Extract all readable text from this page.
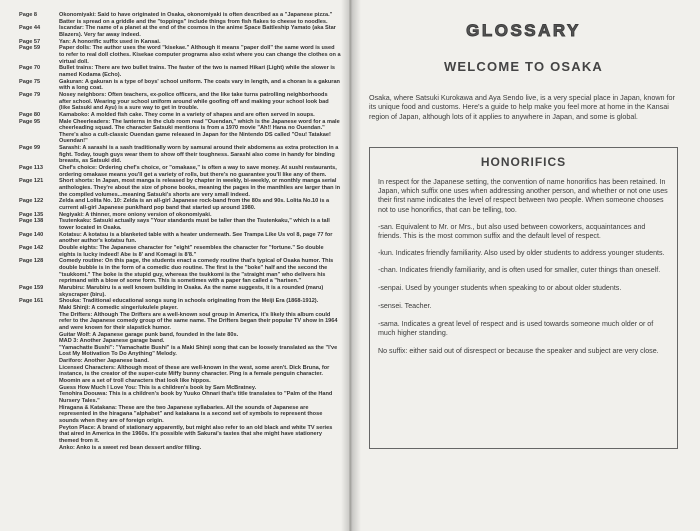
Page 8	Okonomiyaki: Said to have originated in Osaka, okonomiyaki is often described as a "Japanese pizza." Batter is spread on a griddle and the "toppings" include things from fish flakes to cheese to noodles.
Page 44	Iscandar: The name of a planet at the end of the cosmos in the anime Space Battleship Yamato (aka Star Blazers). Very far away indeed.
Page 57	Yan: A honorific suffix used in Kansai.
Page 59	Paper dolls: The author uses the word "kisekae." Although it means "paper doll" the same word is used to refer to real doll clothes. Kisekae computer programs also exist where you can change the clothes on a virtual doll.
Page 70	Bullet trains: There are two bullet trains. The faster of the two is named Hikari (Light) while the slower is named Kodama (Echo).
Page 75	Gakuran: A gakuran is a type of boys' school uniform. The coats vary in length, and a choran is a gakuran with a long coat.
Page 79	Nosey neighbors: Often teachers, ex-police officers, and the like take turns patrolling neighborhoods after school. Wearing your school uniform around while goofing off and making your school look bad (like Satsuki and Ayu) is a sure way to get in trouble.
Page 80	Kamaboko: A molded fish cake. They come in a variety of shapes and are often served in soups.
Page 95	Male Cheerleaders: The lanterns in the club room read "Ouendan," which is the Japanese word for a male cheerleading squad. The character Satsuki mentions is from a 1970 movie "Ah!! Hana no Ouendan." There's also a cult-classic Ouendan game released in Japan for the Nintendo DS called "Osu! Tatakae! Ouendan!"
Page 99	Sarashi: A sarashi is a sash traditionally worn by samurai around their abdomens as extra protection in a fight. Today, tough guys wear them to show off their toughness. Sarashi also come in handy for binding breasts, as Satsuki did.
Page 113	Chef's choice: Ordering chef's choice, or "omakase," is often a way to save money. At sushi restaurants, ordering omakase means you'll get a variety of rolls, but there's no guarantee you'll like any of them.
Page 121	Short shorts: In Japan, most manga is released by chapter in weekly, bi-weekly, or monthly manga serial anthologies. They're about the size of phone books, meaning the pages in the manthlies are larger than in the compiled volumes...meaning Satsuki's shorts are very small indeed.
Page 122	Zelda and Lolita No. 10: Zelda is an all-girl Japanese rock-band from the 80s and 90s. Lolita No.10 is a current all-girl Japanese punk/hard pop band that started up around 1980.
Page 135	Negiyaki: A thinner, more oniony version of okonomiyaki.
Page 138	Tsutenkaku: Satsuki actually says "Your standards must be taller than the Tsutenkaku," which is a tall tower located in Osaka.
Page 140	Kotatsu: A kotatsu is a blanketed table with a heater underneath. See Trampa Like Us vol 8, page 77 for another author's kotatsu fun.
Page 142	Double eights: The Japanese character for "eight" resembles the character for "fortune." So double eights is lucky indeed! Abe is 8' and Komagi is 8'8."
Page 128	Comedy routine: On this page, the students enact a comedy routine that's typical of Osaka humor. This double bubble is in the form of a comedic duo routine. The first is the "boke" half and the second the "tsukkomi." The boke is the stupid guy, whereas the tsukkomi is the "straight man" who delivers his reprimand with a blow of some form. This is sometimes with a paper fan called a "harisen."
Page 159	Marubiru: Marubiru is a well known building in Osaka. As the name suggests, it is a rounded (maru) skyscraper (biru).
Page 161	Shouka: Traditional educational songs sung in schools originating from the Meiji Era (1868-1912).
Maki Shinji: A comedic singer/ukulele player.
The Drifters: Although The Drifters are a well-known soul group in America, it's likely this album could refer to the Japanese comedy group of the same name. The Drifters began their popular TV show in 1964 and were known for their slapstick humor.
Guitar Wolf: A Japanese garage punk band, founded in the late 80s.
MAD 3: Another Japanese garage band.
"Yamachatte Bushi": "Yamachatte Bushi" is a Maki Shinji song that can be loosely translated as the "I've Lost My Motivation To Do Anything" Melody.
Dariforo: Another Japanese band.
Licensed Characters: Although most of these are well-known in the west, some aren't. Dick Bruna, for instance, is the creator of the super-cute Miffy bunny character. Ping is a female penguin character. Moomin are a set of troll characters that look like hippos.
Guess How Much I Love You: This is a children's book by Sam McBratney.
Tenohira Doouwa: This is a children's book by Yuuko Ohnari that's title translates to "Palm of the Hand Nursery Tales."
Hiragana & Katakana: These are the two Japanese syllabaries. All the sounds of Japanese are represented in the hiragana "alphabet" and katakana is a second set of symbols to represent those sounds when they are of foreign origin.
Peyton Place: A brand of stationary apparently, but might also refer to an old black and white TV series that aired in America in the 1960s. It's possible with Sakurai's tastes that she might have stationery themed from it.
Anko: Anko is a sweet red bean dessert and/or filling.
GLOSSARY
WELCOME TO OSAKA
Osaka, where Satsuki Kurokawa and Aya Sendo live, is a very special place in Japan, known for its unique food and customs. Here's a guide to help make you feel more at home in the Kansai region of Japan, although lots of it applies to anywhere in Japan, and some is global.
HONORIFICS

In respect for the Japanese setting, the convention of name honorifics has been retained. In Japan, which suffix one uses when addressing another person, and whether or not one uses their first name indicates the level of respect between two people. When someone chooses not to use honorifics, that can be telling, too.

-san. Equivalent to Mr. or Mrs., but also used between coworkers, acquaintances and friends. This is the most common suffix and the default level of respect.

-kun. Indicates friendly familiarity. Also used by older students to address younger students.

-chan. Indicates friendly familiarity, and is often used for smaller, cuter things than oneself.

-senpai. Used by younger students when speaking to or about older students.

-sensei. Teacher.

-sama. Indicates a great level of respect and is used towards someone much older or of much higher standing.

No suffix: either said out of disrespect or because the speaker and subject are very close.
